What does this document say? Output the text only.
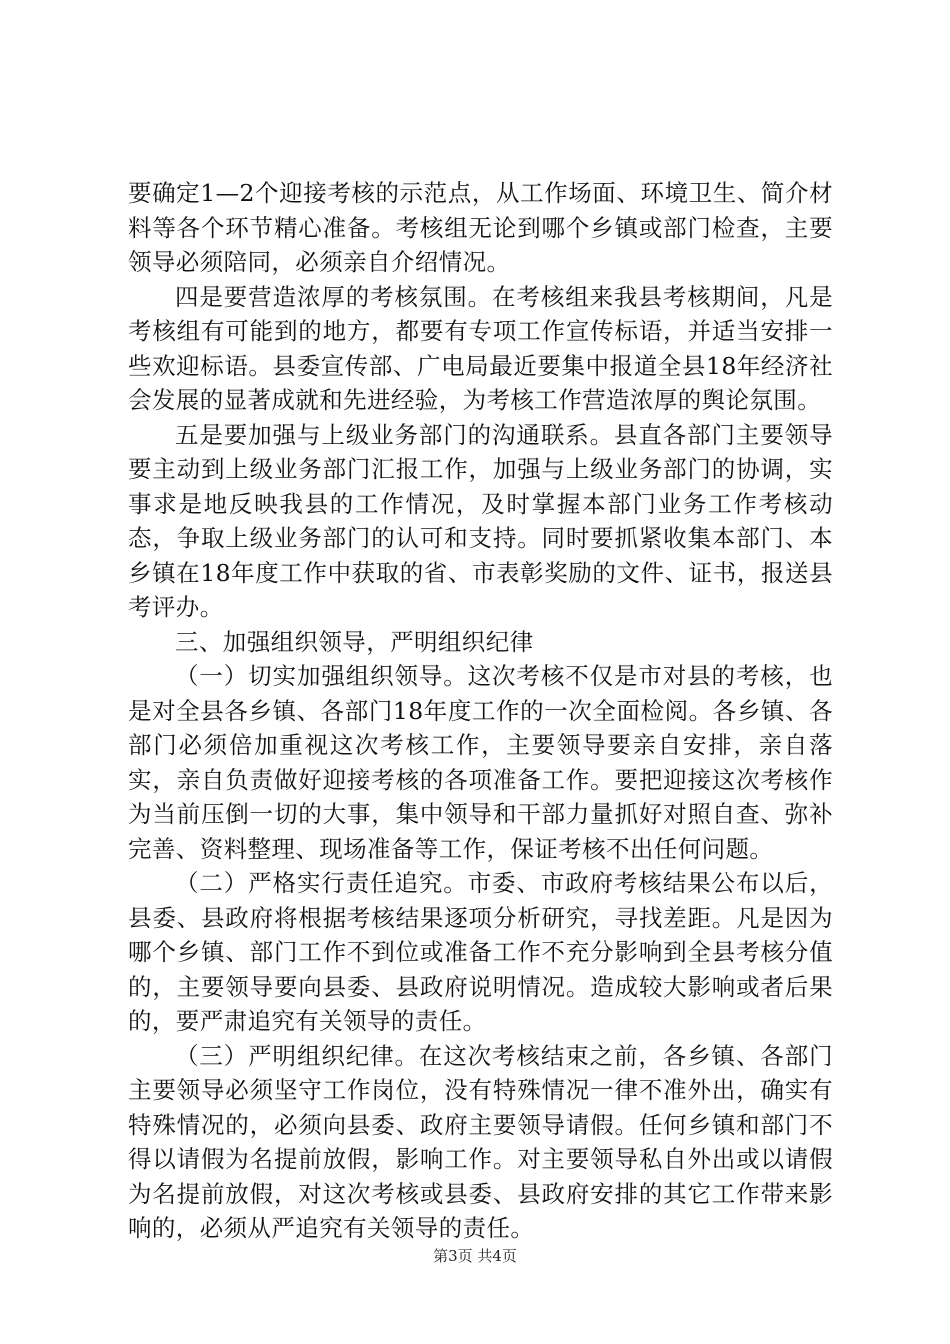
要确定1—2个迎接考核的示范点，从工作场面、环境卫生、简介材料等各个环节精心准备。考核组无论到哪个乡镇或部门检查，主要领导必须陪同，必须亲自介绍情况。

四是要营造浓厚的考核氛围。在考核组来我县考核期间，凡是考核组有可能到的地方，都要有专项工作宣传标语，并适当安排一些欢迎标语。县委宣传部、广电局最近要集中报道全县18年经济社会发展的显著成就和先进经验，为考核工作营造浓厚的舆论氛围。

五是要加强与上级业务部门的沟通联系。县直各部门主要领导要主动到上级业务部门汇报工作，加强与上级业务部门的协调，实事求是地反映我县的工作情况，及时掌握本部门业务工作考核动态，争取上级业务部门的认可和支持。同时要抓紧收集本部门、本乡镇在18年度工作中获取的省、市表彰奖励的文件、证书，报送县考评办。

三、加强组织领导，严明组织纪律

（一）切实加强组织领导。这次考核不仅是市对县的考核，也是对全县各乡镇、各部门18年度工作的一次全面检阅。各乡镇、各部门必须倍加重视这次考核工作，主要领导要亲自安排，亲自落实，亲自负责做好迎接考核的各项准备工作。要把迎接这次考核作为当前压倒一切的大事，集中领导和干部力量抓好对照自查、弥补完善、资料整理、现场准备等工作，保证考核不出任何问题。

（二）严格实行责任追究。市委、市政府考核结果公布以后，县委、县政府将根据考核结果逐项分析研究，寻找差距。凡是因为哪个乡镇、部门工作不到位或准备工作不充分影响到全县考核分值的，主要领导要向县委、县政府说明情况。造成较大影响或者后果的，要严肃追究有关领导的责任。

（三）严明组织纪律。在这次考核结束之前，各乡镇、各部门主要领导必须坚守工作岗位，没有特殊情况一律不准外出，确实有特殊情况的，必须向县委、政府主要领导请假。任何乡镇和部门不得以请假为名提前放假，影响工作。对主要领导私自外出或以请假为名提前放假，对这次考核或县委、县政府安排的其它工作带来影响的，必须从严追究有关领导的责任。

第3页 共4页
